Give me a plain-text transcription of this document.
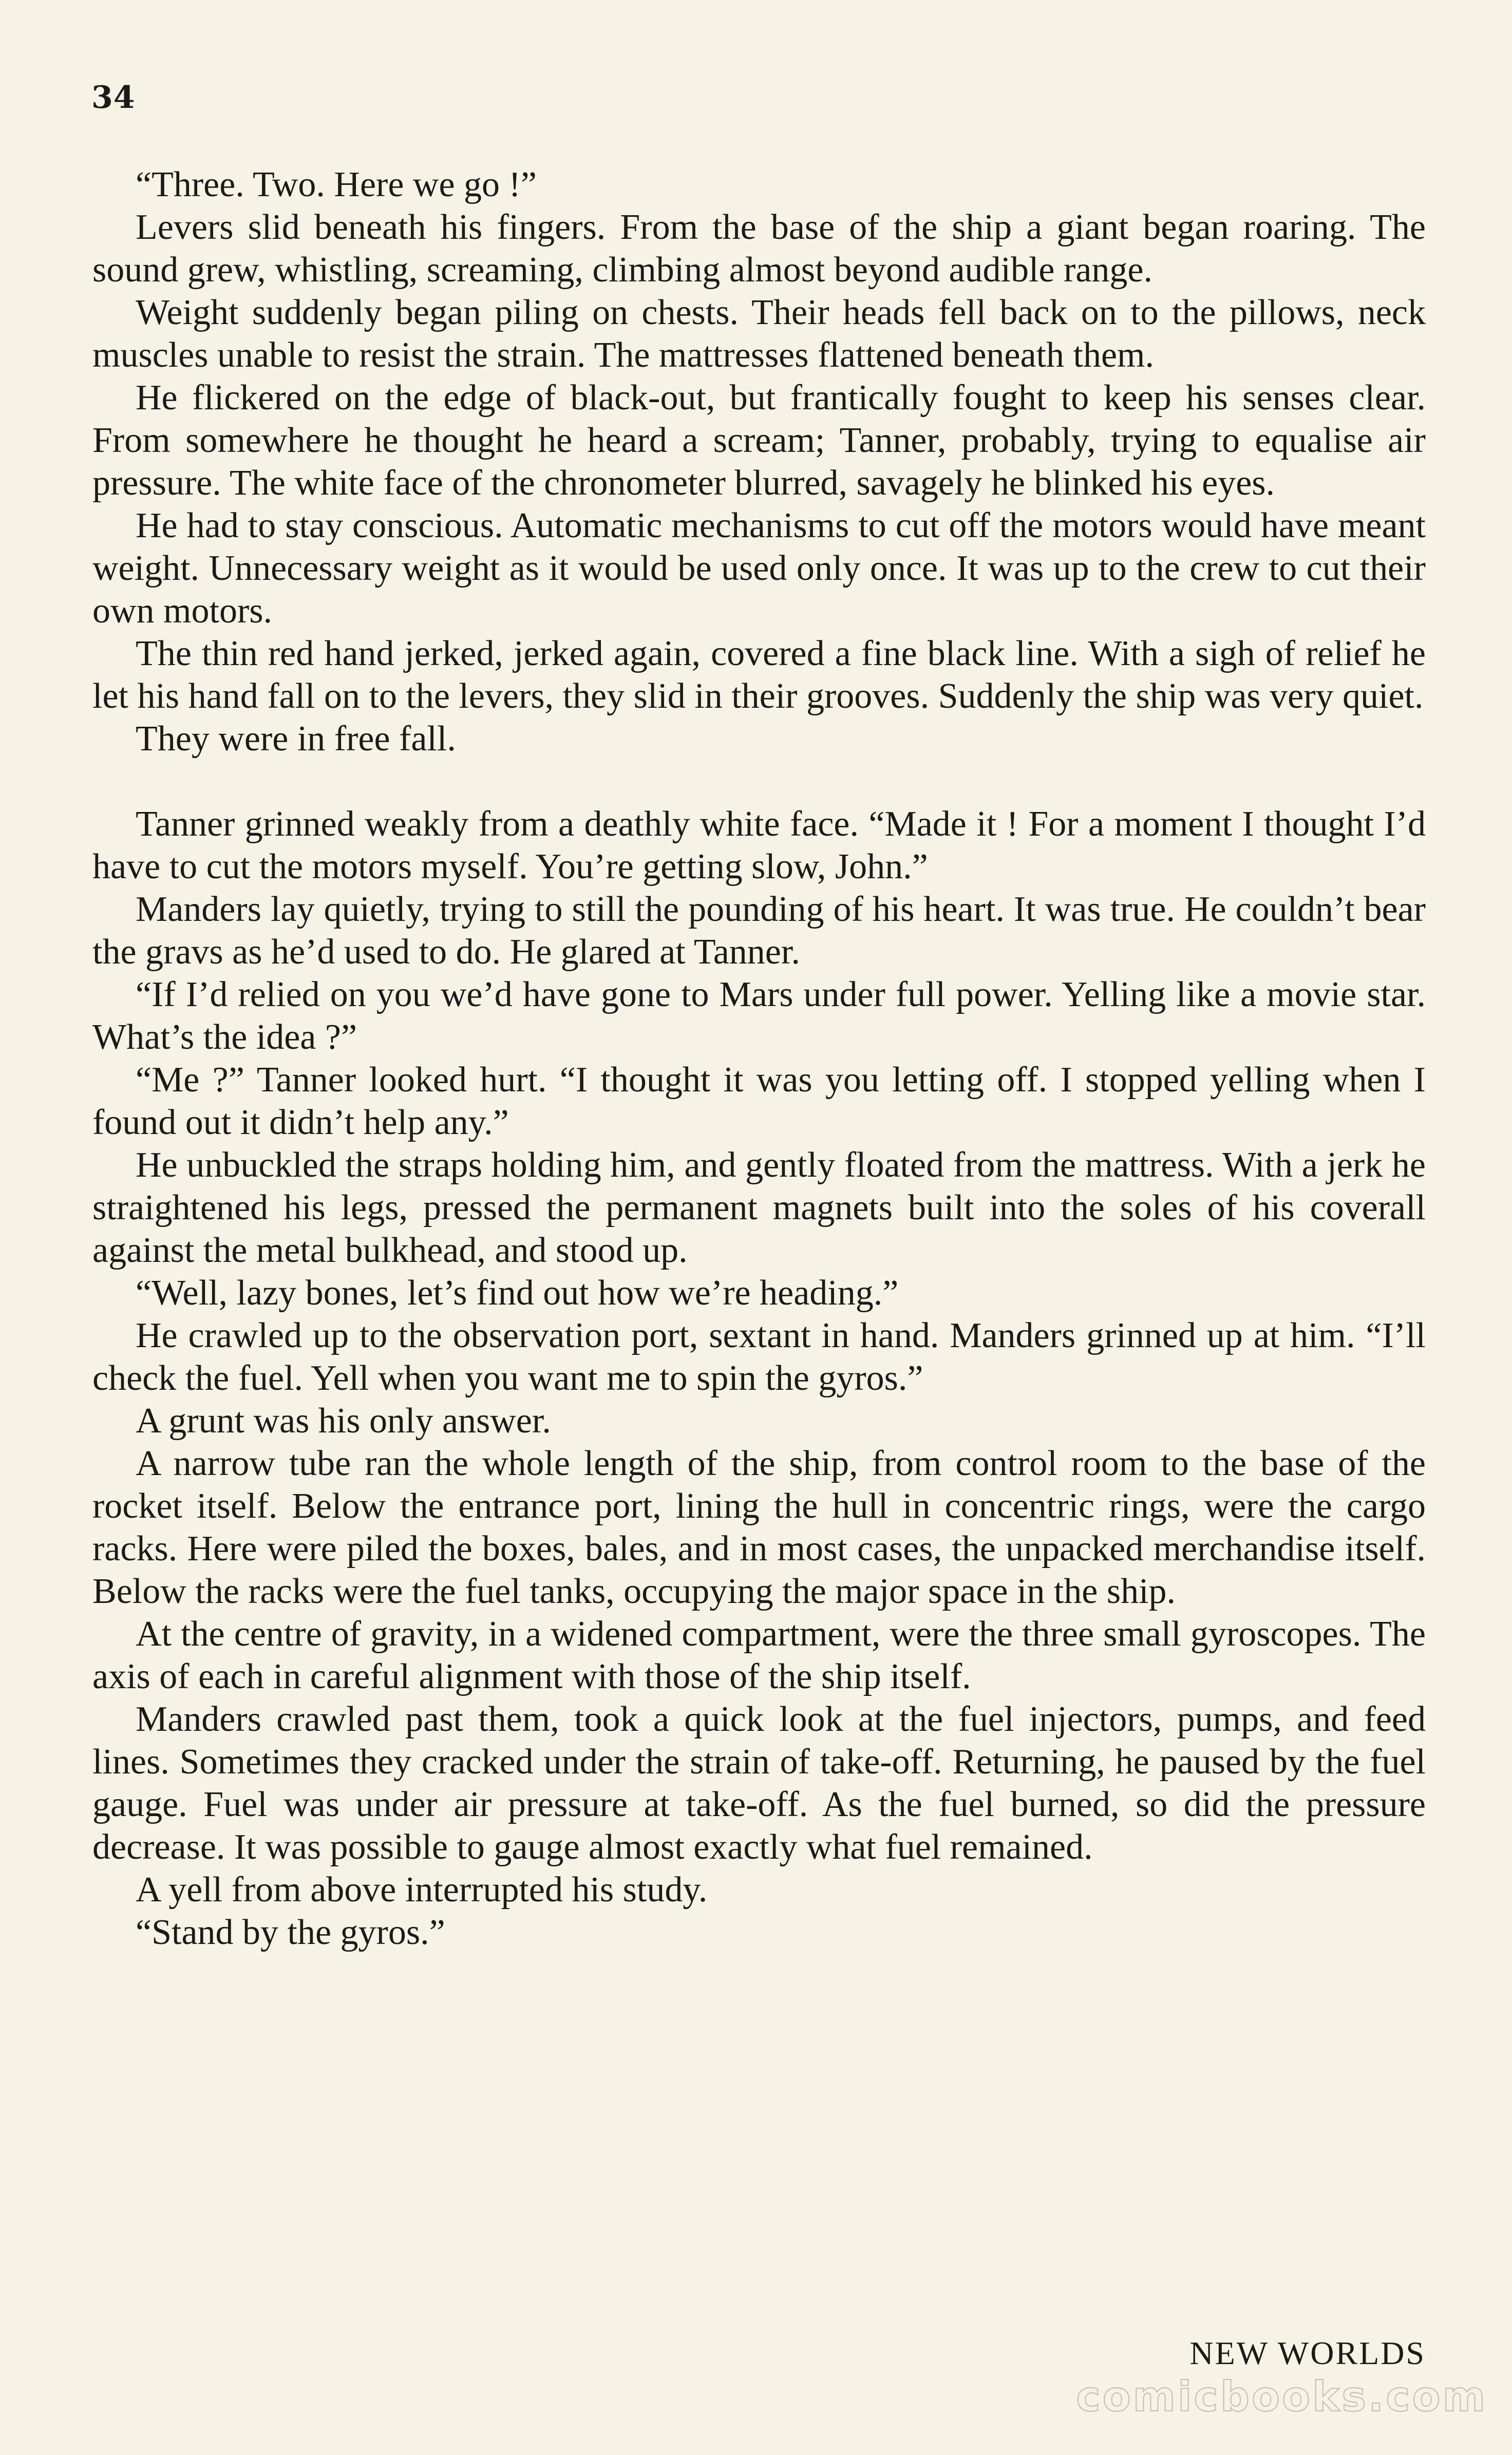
34

“Three. Two. Here we go !”

Levers slid beneath his fingers. From the base of the ship a giant began roaring. The sound grew, whistling, screaming, climbing almost beyond audible range.

Weight suddenly began piling on chests. Their heads fell back on to the pillows, neck muscles unable to resist the strain. The mattresses flattened beneath them.

He flickered on the edge of black-out, but frantically fought to keep his senses clear. From somewhere he thought he heard a scream; Tanner, probably, trying to equalise air pressure. The white face of the chronometer blurred, savagely he blinked his eyes.

He had to stay conscious. Automatic mechanisms to cut off the motors would have meant weight. Unnecessary weight as it would be used only once. It was up to the crew to cut their own motors.

The thin red hand jerked, jerked again, covered a fine black line. With a sigh of relief he let his hand fall on to the levers, they slid in their grooves. Suddenly the ship was very quiet.

They were in free fall.

Tanner grinned weakly from a deathly white face. “Made it ! For a moment I thought I’d have to cut the motors myself. You’re getting slow, John.”

Manders lay quietly, trying to still the pounding of his heart. It was true. He couldn’t bear the gravs as he’d used to do. He glared at Tanner.

“If I’d relied on you we’d have gone to Mars under full power. Yelling like a movie star. What’s the idea ?”

“Me ?” Tanner looked hurt. “I thought it was you letting off. I stopped yelling when I found out it didn’t help any.”

He unbuckled the straps holding him, and gently floated from the mattress. With a jerk he straightened his legs, pressed the permanent magnets built into the soles of his coverall against the metal bulkhead, and stood up.

“Well, lazy bones, let’s find out how we’re heading.”

He crawled up to the observation port, sextant in hand. Manders grinned up at him. “I’ll check the fuel. Yell when you want me to spin the gyros.”

A grunt was his only answer.

A narrow tube ran the whole length of the ship, from control room to the base of the rocket itself. Below the entrance port, lining the hull in concentric rings, were the cargo racks. Here were piled the boxes, bales, and in most cases, the unpacked merchandise itself. Below the racks were the fuel tanks, occupying the major space in the ship.

At the centre of gravity, in a widened compartment, were the three small gyroscopes. The axis of each in careful alignment with those of the ship itself.

Manders crawled past them, took a quick look at the fuel injectors, pumps, and feed lines. Sometimes they cracked under the strain of take-off. Returning, he paused by the fuel gauge. Fuel was under air pressure at take-off. As the fuel burned, so did the pressure decrease. It was possible to gauge almost exactly what fuel remained.

A yell from above interrupted his study.

“Stand by the gyros.”

NEW WORLDS
comicbooks.com
